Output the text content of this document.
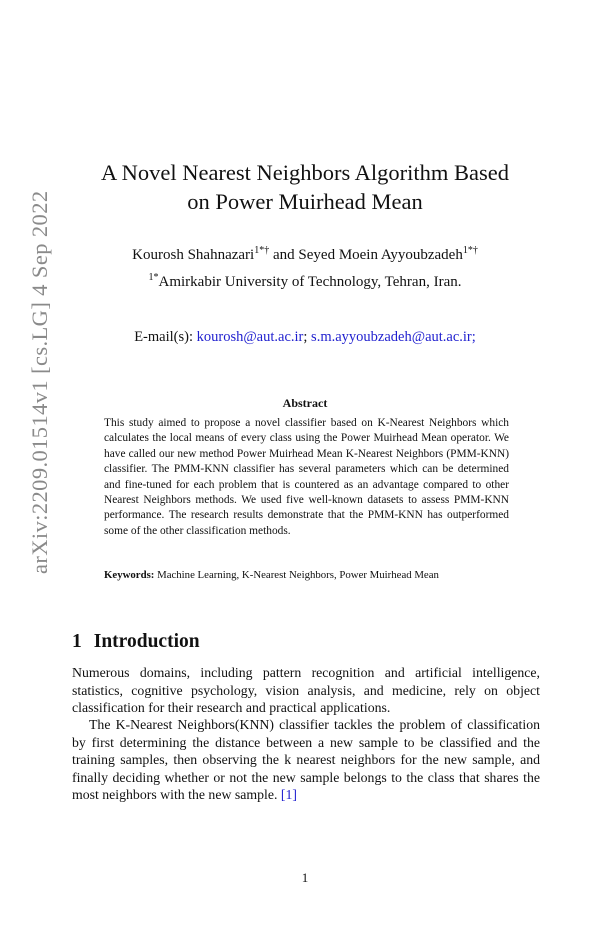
arXiv:2209.01514v1 [cs.LG] 4 Sep 2022
A Novel Nearest Neighbors Algorithm Based
on Power Muirhead Mean
Kourosh Shahnazari$^{1*\dagger}$ and Seyed Moein Ayyoubzadeh$^{1*\dagger}$
$^{1*}$Amirkabir University of Technology, Tehran, Iran.
E-mail(s): kourosh@aut.ac.ir; s.m.ayyoubzadeh@aut.ac.ir;
Abstract
This study aimed to propose a novel classifier based on K-Nearest Neighbors which calculates the local means of every class using the Power Muirhead Mean operator. We have called our new method Power Muirhead Mean K-Nearest Neighbors (PMM-KNN) classifier. The PMM-KNN classifier has several parameters which can be determined and fine-tuned for each problem that is countered as an advantage compared to other Nearest Neighbors methods. We used five well-known datasets to assess PMM-KNN performance. The research results demonstrate that the PMM-KNN has outperformed some of the other classification methods.
Keywords: Machine Learning, K-Nearest Neighbors, Power Muirhead Mean
1 Introduction
Numerous domains, including pattern recognition and artificial intelligence, statistics, cognitive psychology, vision analysis, and medicine, rely on object classification for their research and practical applications.
The K-Nearest Neighbors(KNN) classifier tackles the problem of classification by first determining the distance between a new sample to be classified and the training samples, then observing the k nearest neighbors for the new sample, and finally deciding whether or not the new sample belongs to the class that shares the most neighbors with the new sample. [1]
1
